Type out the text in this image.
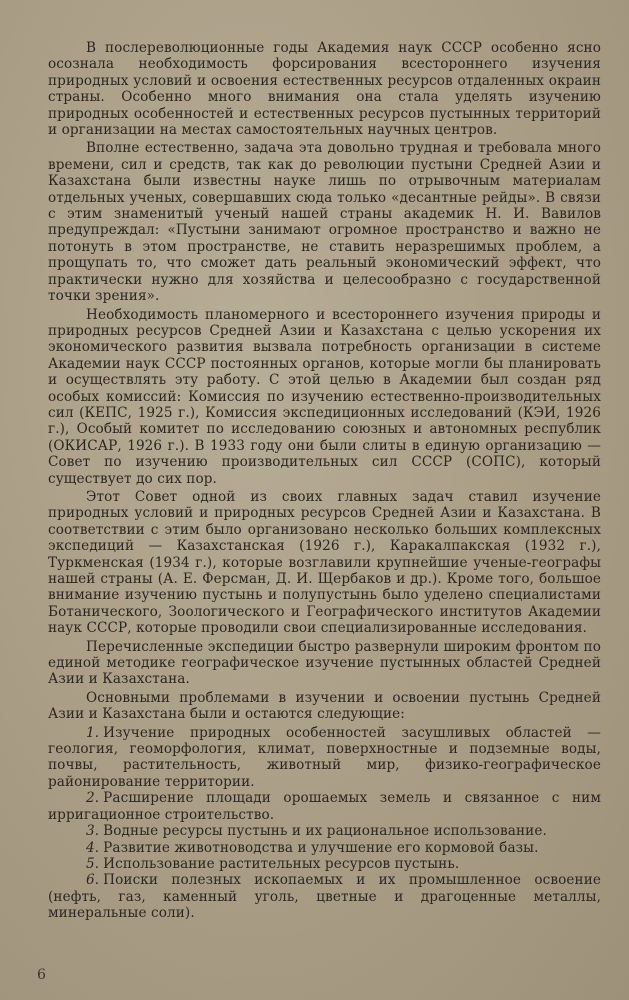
В послереволюционные годы Академия наук СССР особенно ясно осознала необходимость форсирования всестороннего изучения природных условий и освоения естественных ресурсов отдаленных окраин страны. Особенно много внимания она стала уделять изучению природных особенностей и естественных ресурсов пустынных территорий и организации на местах самостоятельных научных центров.

Вполне естественно, задача эта довольно трудная и требовала много времени, сил и средств, так как до революции пустыни Средней Азии и Казахстана были известны науке лишь по отрывочным материалам отдельных ученых, совершавших сюда только «десантные рейды». В связи с этим знаменитый ученый нашей страны академик Н. И. Вавилов предупреждал: «Пустыни занимают огромное пространство и важно не потонуть в этом пространстве, не ставить неразрешимых проблем, а прощупать то, что сможет дать реальный экономический эффект, что практически нужно для хозяйства и целесообразно с государственной точки зрения».

Необходимость планомерного и всестороннего изучения природы и природных ресурсов Средней Азии и Казахстана с целью ускорения их экономического развития вызвала потребность организации в системе Академии наук СССР постоянных органов, которые могли бы планировать и осуществлять эту работу. С этой целью в Академии был создан ряд особых комиссий: Комиссия по изучению естественно-производительных сил (КЕПС, 1925 г.), Комиссия экспедиционных исследований (КЭИ, 1926 г.), Особый комитет по исследованию союзных и автономных республик (ОКИСАР, 1926 г.). В 1933 году они были слиты в единую организацию — Совет по изучению производительных сил СССР (СОПС), который существует до сих пор.

Этот Совет одной из своих главных задач ставил изучение природных условий и природных ресурсов Средней Азии и Казахстана. В соответствии с этим было организовано несколько больших комплексных экспедиций — Казахстанская (1926 г.), Каракалпакская (1932 г.), Туркменская (1934 г.), которые возглавили крупнейшие ученые-географы нашей страны (А. Е. Ферсман, Д. И. Щербаков и др.). Кроме того, большое внимание изучению пустынь и полупустынь было уделено специалистами Ботанического, Зоологического и Географического институтов Академии наук СССР, которые проводили свои специализированные исследования.

Перечисленные экспедиции быстро развернули широким фронтом по единой методике географическое изучение пустынных областей Средней Азии и Казахстана.

Основными проблемами в изучении и освоении пустынь Средней Азии и Казахстана были и остаются следующие:

1. Изучение природных особенностей засушливых областей — геология, геоморфология, климат, поверхностные и подземные воды, почвы, растительность, животный мир, физико-географическое районирование территории.

2. Расширение площади орошаемых земель и связанное с ним ирригационное строительство.

3. Водные ресурсы пустынь и их рациональное использование.

4. Развитие животноводства и улучшение его кормовой базы.

5. Использование растительных ресурсов пустынь.

6. Поиски полезных ископаемых и их промышленное освоение (нефть, газ, каменный уголь, цветные и драгоценные металлы, минеральные соли).

6
